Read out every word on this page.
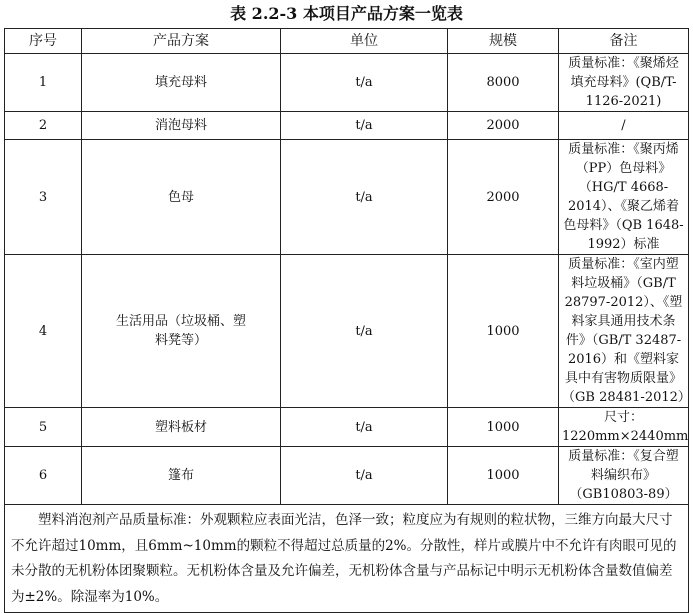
表 2.2-3 本项目产品方案一览表
序号	产品方案	单位	规模	备注
1	填充母料	t/a	8000	质量标准：《聚烯烃填充母料》(QB/T-1126-2021)
2	消泡母料	t/a	2000	/
3	色母	t/a	2000	质量标准：《聚丙烯（PP）色母料》（HG/T 4668-2014）、《聚乙烯着色母料》（QB 1648-1992）标准
4	生活用品（垃圾桶、塑料凳等）	t/a	1000	质量标准：《室内塑料垃圾桶》（GB/T 28797-2012）、《塑料家具通用技术条件》（GB/T 32487-2016）和《塑料家具中有害物质限量》（GB 28481-2012）
5	塑料板材	t/a	1000	尺寸：1220mm×2440mm
6	篷布	t/a	1000	质量标准：《复合塑料编织布》（GB10803-89）
塑料消泡剂产品质量标准：外观颗粒应表面光洁，色泽一致；粒度应为有规则的粒状物，三维方向最大尺寸不允许超过10mm，且6mm~10mm的颗粒不得超过总质量的2%。分散性，样片或膜片中不允许有肉眼可见的未分散的无机粉体团聚颗粒。无机粉体含量及允许偏差，无机粉体含量与产品标记中明示无机粉体含量数值偏差为±2%。除湿率为10%。				
